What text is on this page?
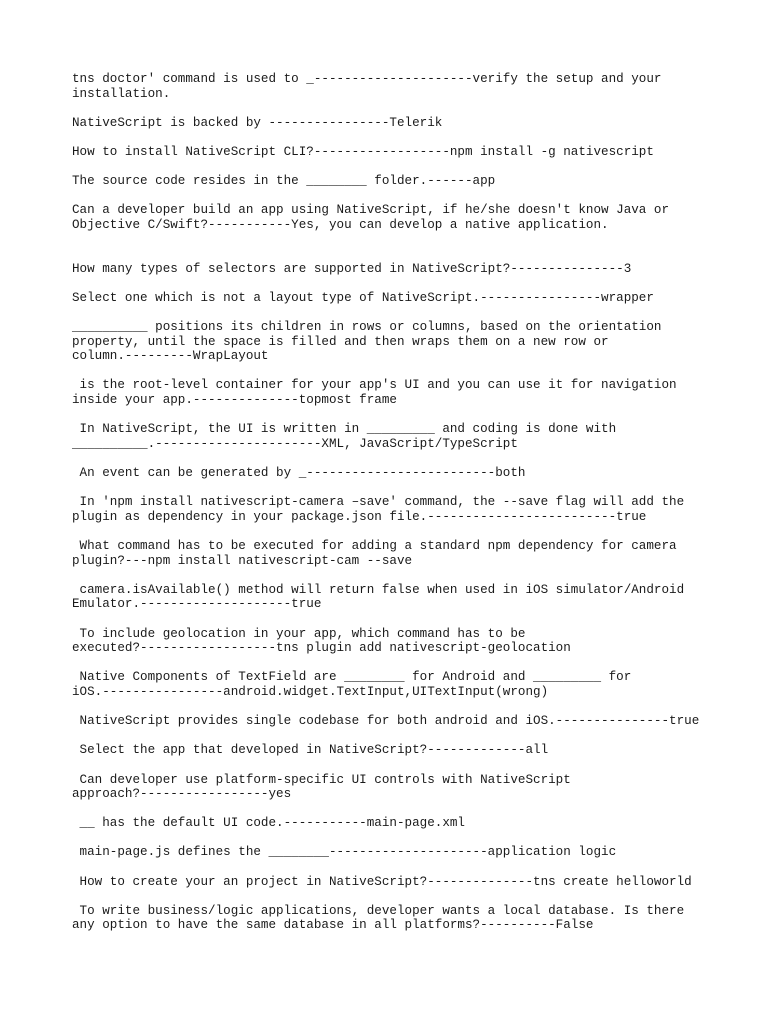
tns doctor' command is used to _---------------------verify the setup and your
installation.
NativeScript is backed by ----------------Telerik
How to install NativeScript CLI?------------------npm install -g nativescript
The source code resides in the ________ folder.------app
Can a developer build an app using NativeScript, if he/she doesn't know Java or
Objective C/Swift?-----------Yes, you can develop a native application.
How many types of selectors are supported in NativeScript?---------------3
Select one which is not a layout type of NativeScript.----------------wrapper
__________ positions its children in rows or columns, based on the orientation
property, until the space is filled and then wraps them on a new row or
column.---------WrapLayout
is the root-level container for your app's UI and you can use it for navigation
inside your app.--------------topmost frame
In NativeScript, the UI is written in _________ and coding is done with
__________.----------------------XML, JavaScript/TypeScript
An event can be generated by _-------------------------both
In 'npm install nativescript-camera –save' command, the --save flag will add the
plugin as dependency in your package.json file.-------------------------true
What command has to be executed for adding a standard npm dependency for camera
plugin?---npm install nativescript-cam --save
camera.isAvailable() method will return false when used in iOS simulator/Android
Emulator.--------------------true
To include geolocation in your app, which command has to be
executed?------------------tns plugin add nativescript-geolocation
Native Components of TextField are ________ for Android and _________ for
iOS.----------------android.widget.TextInput,UITextInput(wrong)
NativeScript provides single codebase for both android and iOS.---------------true
Select the app that developed in NativeScript?-------------all
Can developer use platform-specific UI controls with NativeScript
approach?-----------------yes
__ has the default UI code.-----------main-page.xml
main-page.js defines the ________---------------------application logic
How to create your an project in NativeScript?--------------tns create helloworld
To write business/logic applications, developer wants a local database. Is there
any option to have the same database in all platforms?----------False
